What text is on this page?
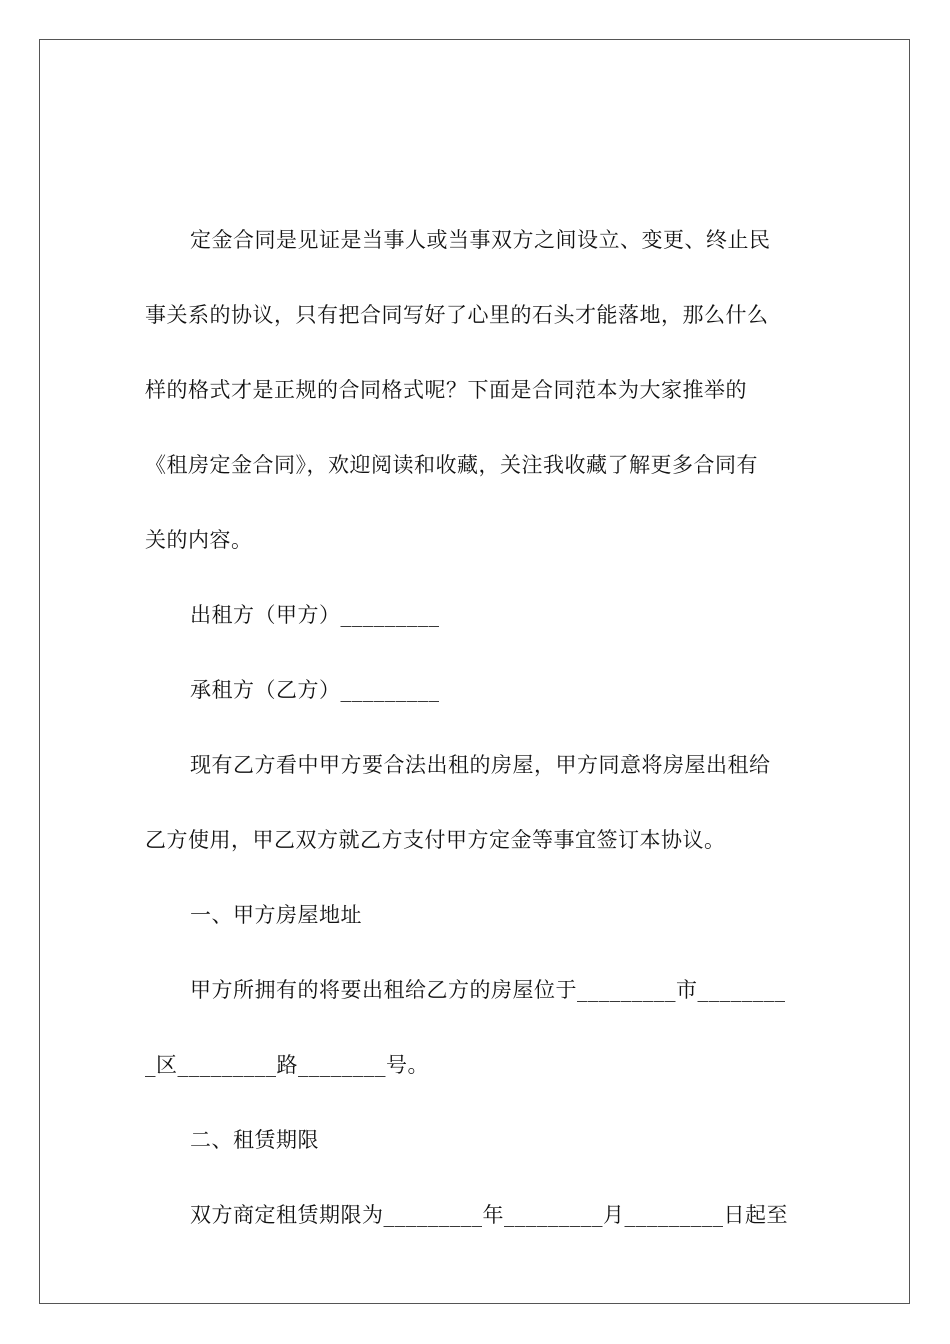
定金合同是见证是当事人或当事双方之间设立、变更、终止民
事关系的协议，只有把合同写好了心里的石头才能落地，那么什么
样的格式才是正规的合同格式呢？下面是合同范本为大家推举的
《租房定金合同》，欢迎阅读和收藏，关注我收藏了解更多合同有
关的内容。
出租方（甲方）_________
承租方（乙方）_________
现有乙方看中甲方要合法出租的房屋，甲方同意将房屋出租给
乙方使用，甲乙双方就乙方支付甲方定金等事宜签订本协议。
一、甲方房屋地址
甲方所拥有的将要出租给乙方的房屋位于_________市________
_区_________路________号。
二、租赁期限
双方商定租赁期限为_________年_________月_________日起至
